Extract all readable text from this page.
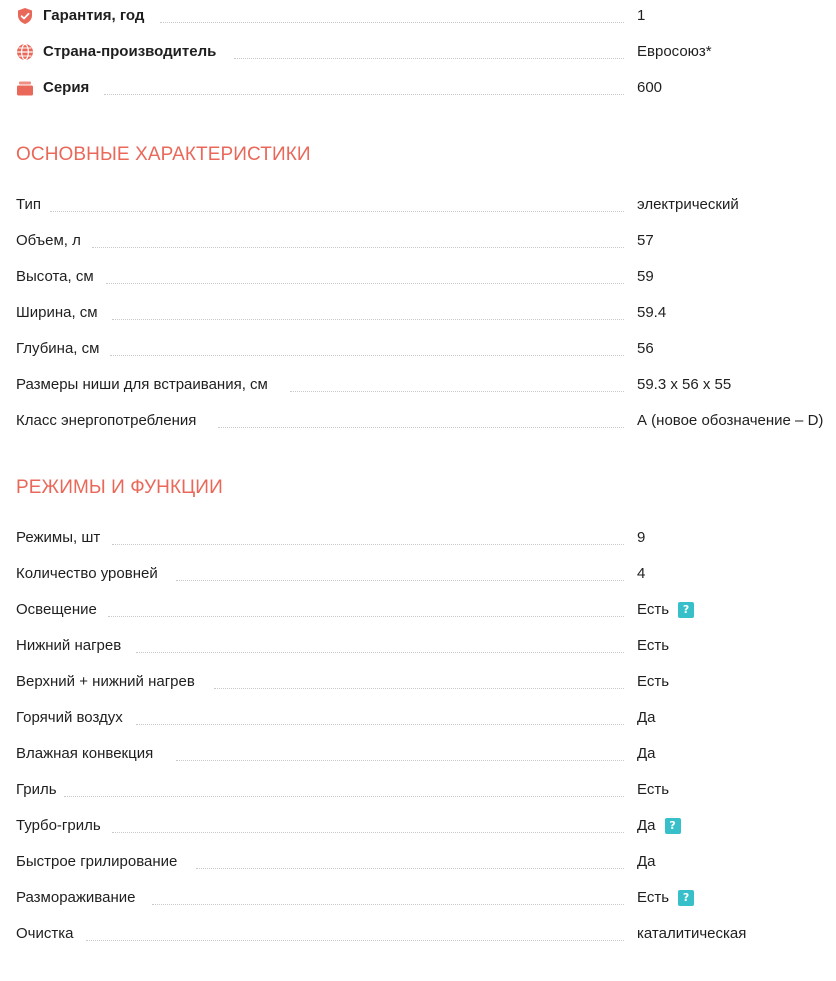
Гарантия, год	1
Страна-производитель	Евросоюз*
Серия	600
ОСНОВНЫЕ ХАРАКТЕРИСТИКИ
Тип	электрический
Объем, л	57
Высота, см	59
Ширина, см	59.4
Глубина, см	56
Размеры ниши для встраивания, см	59.3 x 56 x 55
Класс энергопотребления	А (новое обозначение – D)
РЕЖИМЫ И ФУНКЦИИ
Режимы, шт	9
Количество уровней	4
Освещение	Есть	?
Нижний нагрев	Есть
Верхний + нижний нагрев	Есть
Горячий воздух	Да
Влажная конвекция	Да
Гриль	Есть
Турбо-гриль	Да	?
Быстрое грилирование	Да
Размораживание	Есть	?
Очистка	каталитическая
